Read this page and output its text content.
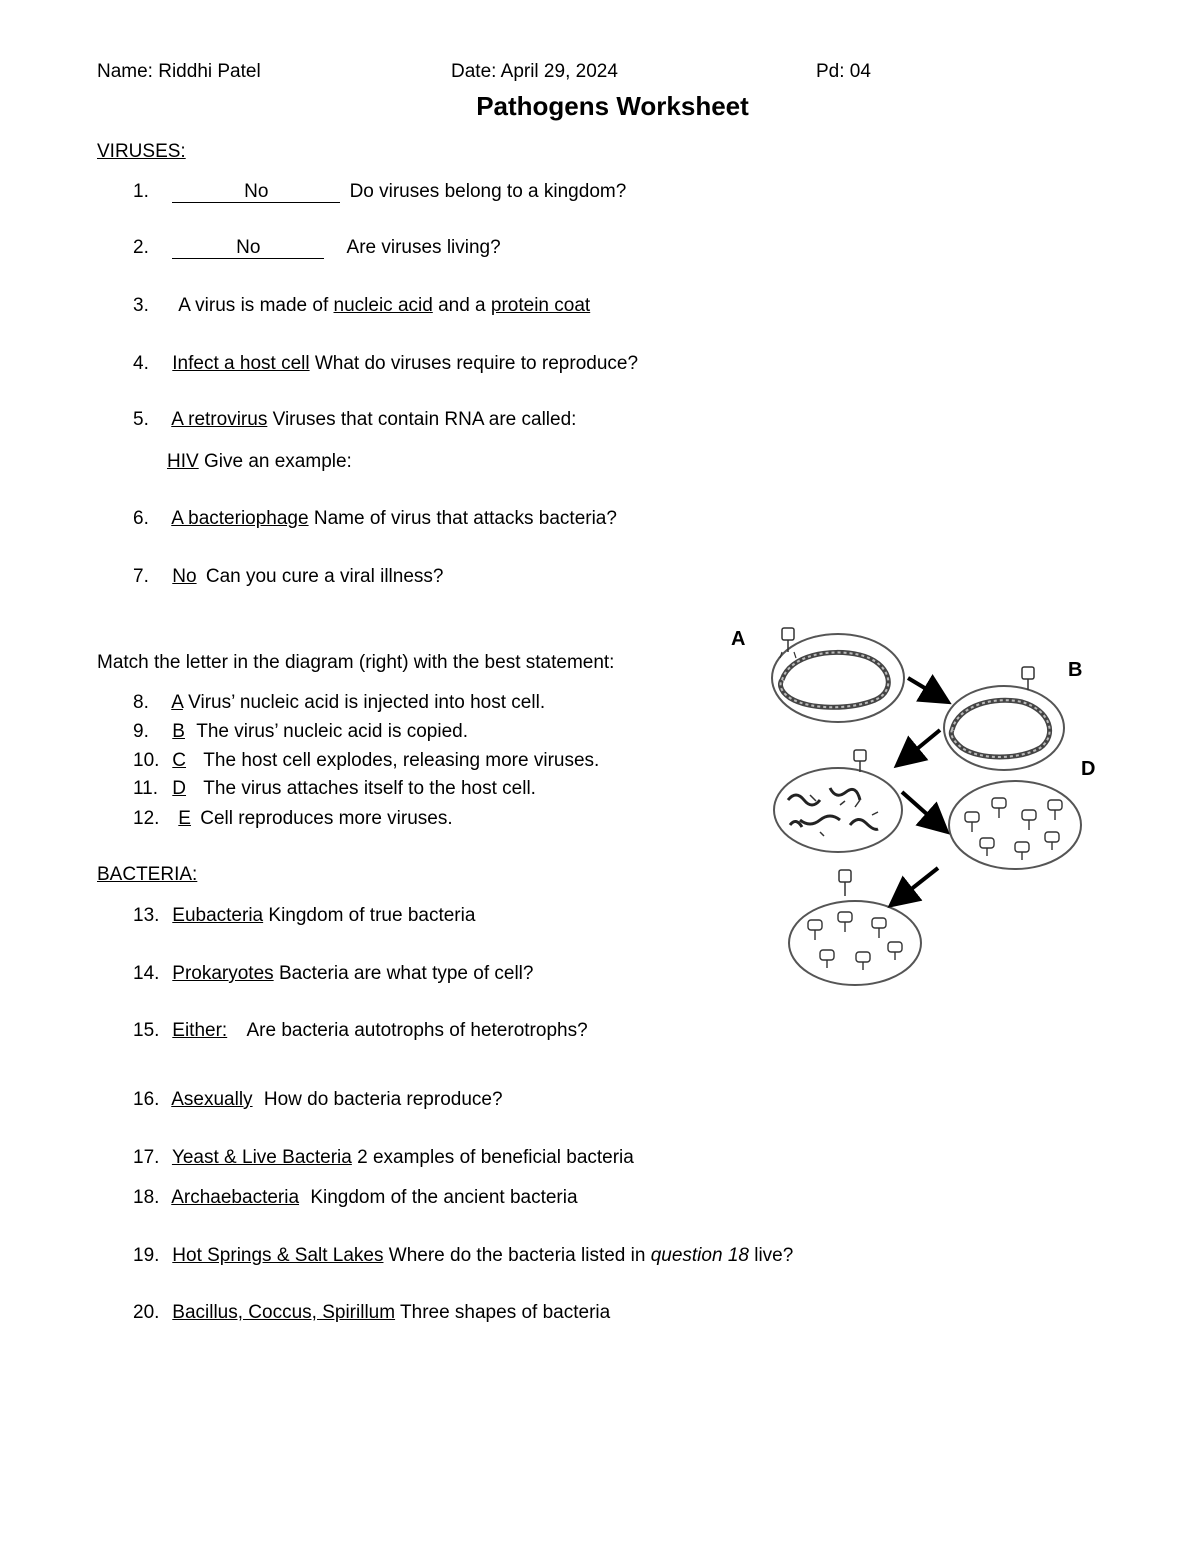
Name: Riddhi Patel	Date: April 29, 2024	Pd: 04
Pathogens Worksheet
VIRUSES:
1.	No	Do viruses belong to a kingdom?
2.	No	Are viruses living?
3. A virus is made of nucleic acid and a protein coat
4. Infect a host cell What do viruses require to reproduce?
5. A retrovirus Viruses that contain RNA are called:
HIV Give an example:
6. A bacteriophage Name of virus that attacks bacteria?
7. No Can you cure a viral illness?
Match the letter in the diagram (right) with the best statement:
8. A Virus’ nucleic acid is injected into host cell.
9. B The virus’ nucleic acid is copied.
10. C The host cell explodes, releasing more viruses.
11. D The virus attaches itself to the host cell.
12. E Cell reproduces more viruses.
BACTERIA:
13. Eubacteria Kingdom of true bacteria
14. Prokaryotes Bacteria are what type of cell?
15. Either: Are bacteria autotrophs of heterotrophs?
16. Asexually How do bacteria reproduce?
17. Yeast & Live Bacteria 2 examples of beneficial bacteria
18. Archaebacteria Kingdom of the ancient bacteria
19. Hot Springs & Salt Lakes Where do the bacteria listed in question 18 live?
20. Bacillus, Coccus, Spirillum Three shapes of bacteria
A
B
D
